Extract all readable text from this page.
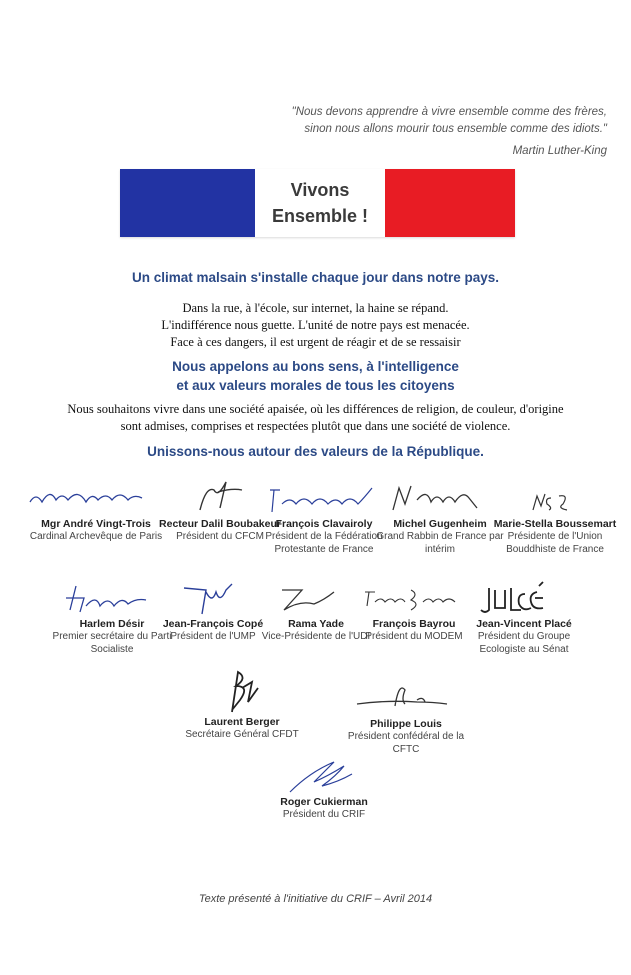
"Nous devons apprendre à vivre ensemble comme des frères,
sinon nous allons mourir tous ensemble comme des idiots."
Martin Luther-King
Vivons
Ensemble !
Un climat malsain s'installe chaque jour dans notre pays.
Dans la rue, à l'école, sur internet, la haine se répand.
L'indifférence nous guette. L'unité de notre pays est menacée.
Face à ces dangers, il est urgent de réagir et de se ressaisir
Nous appelons au bons sens, à l'intelligence
et aux valeurs morales de tous les citoyens
Nous souhaitons vivre dans une société apaisée, où les différences de religion, de couleur, d'origine
sont admises, comprises et respectées plutôt que dans une société de violence.
Unissons-nous autour des valeurs de la République.
Mgr André Vingt-Trois
Cardinal Archevêque de Paris
Recteur Dalil Boubakeur
Président du CFCM
François Clavairoly
Président de la Fédération Protestante de France
Michel Gugenheim
Grand Rabbin de France par intérim
Marie-Stella Boussemart
Présidente de l'Union Bouddhiste de France
Harlem Désir
Premier secrétaire du Parti Socialiste
Jean-François Copé
Président de l'UMP
Rama Yade
Vice-Présidente de l'UDI
François Bayrou
Président du MODEM
Jean-Vincent Placé
Président du Groupe Ecologiste au Sénat
Laurent Berger
Secrétaire Général CFDT
Philippe Louis
Président confédéral de la CFTC
Roger Cukierman
Président du CRIF
Texte présenté à l'initiative du CRIF – Avril 2014
